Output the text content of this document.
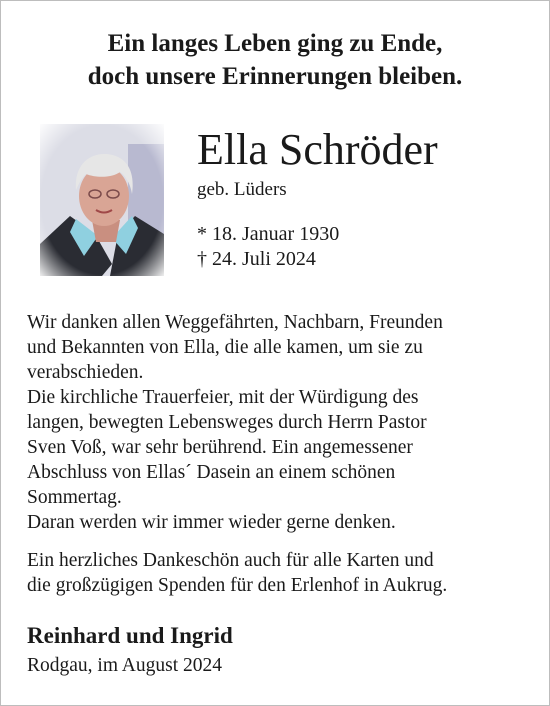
Ein langes Leben ging zu Ende,
doch unsere Erinnerungen bleiben.
Ella Schröder
geb. Lüders
* 18. Januar 1930
† 24. Juli 2024
Wir danken allen Weggefährten, Nachbarn, Freunden
und Bekannten von Ella, die alle kamen, um sie zu
verabschieden.
Die kirchliche Trauerfeier, mit der Würdigung des
langen, bewegten Lebensweges durch Herrn Pastor
Sven Voß, war sehr berührend. Ein angemessener
Abschluss von Ellas´ Dasein an einem schönen
Sommertag.
Daran werden wir immer wieder gerne denken.
Ein herzliches Dankeschön auch für alle Karten und
die großzügigen Spenden für den Erlenhof in Aukrug.
Reinhard und Ingrid
Rodgau, im August 2024
